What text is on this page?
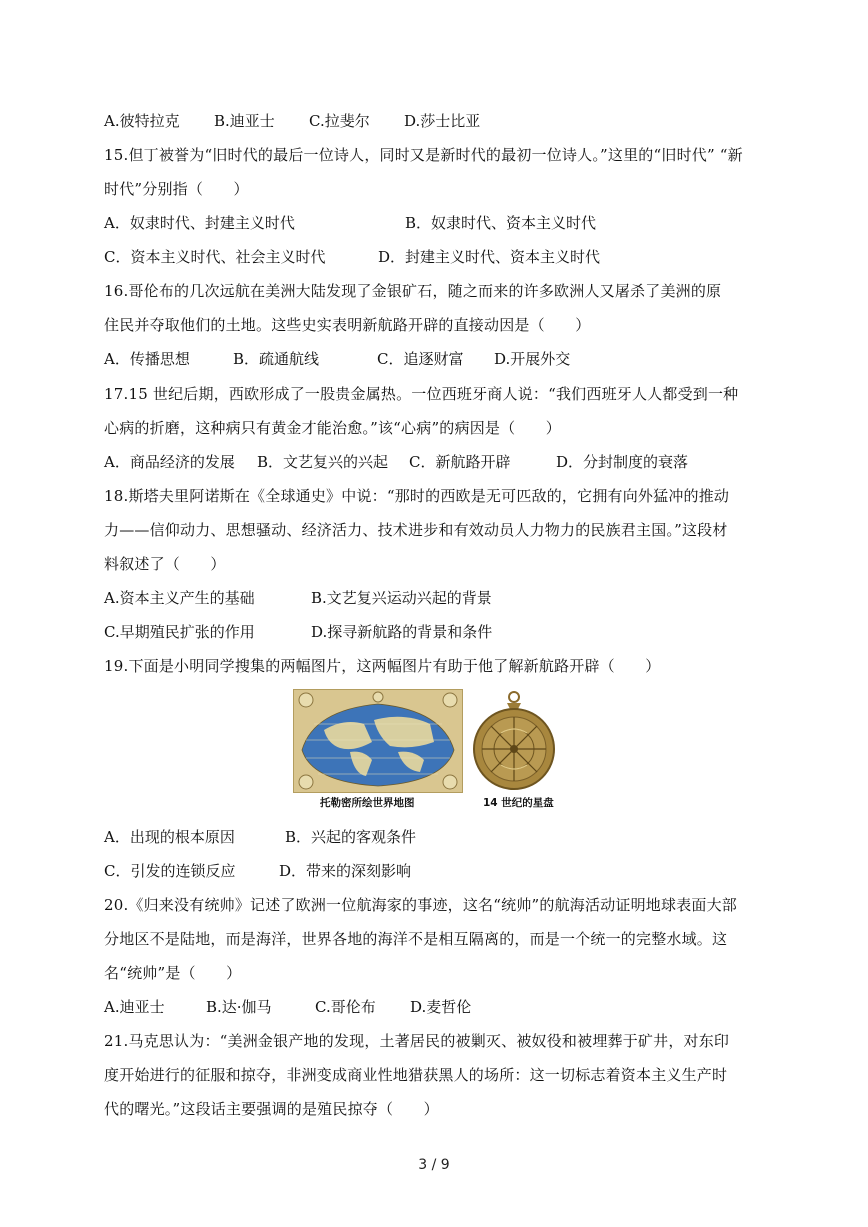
A.彼特拉克 B.迪亚士 C.拉斐尔 D.莎士比亚
15.但丁被誉为“旧时代的最后一位诗人，同时又是新时代的最初一位诗人。”这里的“旧时代” “新
时代”分别指（　　）
A．奴隶时代、封建主义时代	B．奴隶时代、资本主义时代
C．资本主义时代、社会主义时代	D．封建主义时代、资本主义时代
16.哥伦布的几次远航在美洲大陆发现了金银矿石，随之而来的许多欧洲人又屠杀了美洲的原
住民并夺取他们的土地。这些史实表明新航路开辟的直接动因是（　　）
A．传播思想	B．疏通航线	C．追逐财富 D.开展外交
17.15 世纪后期，西欧形成了一股贵金属热。一位西班牙商人说：“我们西班牙人人都受到一种
心病的折磨，这种病只有黄金才能治愈。”该“心病”的病因是（　　）
A．商品经济的发展 B．文艺复兴的兴起 C．新航路开辟	D．分封制度的衰落
18.斯塔夫里阿诺斯在《全球通史》中说：“那时的西欧是无可匹敌的，它拥有向外猛冲的推动
力——信仰动力、思想骚动、经济活力、技术进步和有效动员人力物力的民族君主国。”这段材
料叙述了（　　）
A.资本主义产生的基础	B.文艺复兴运动兴起的背景
C.早期殖民扩张的作用	D.探寻新航路的背景和条件
19.下面是小明同学搜集的两幅图片，这两幅图片有助于他了解新航路开辟（　　）
托勒密所绘世界地图	14 世纪的星盘
A．出现的根本原因	B．兴起的客观条件
C．引发的连锁反应	D．带来的深刻影响
20.《归来没有统帅》记述了欧洲一位航海家的事迹，这名“统帅”的航海活动证明地球表面大部
分地区不是陆地，而是海洋，世界各地的海洋不是相互隔离的，而是一个统一的完整水域。这
名“统帅”是（　　）
A.迪亚士	B.达·伽马	C.哥伦布 D.麦哲伦
21.马克思认为：“美洲金银产地的发现，土著居民的被剿灭、被奴役和被埋葬于矿井，对东印
度开始进行的征服和掠夺，非洲变成商业性地猎获黑人的场所：这一切标志着资本主义生产时
代的曙光。”这段话主要强调的是殖民掠夺（　　）
3 / 9
